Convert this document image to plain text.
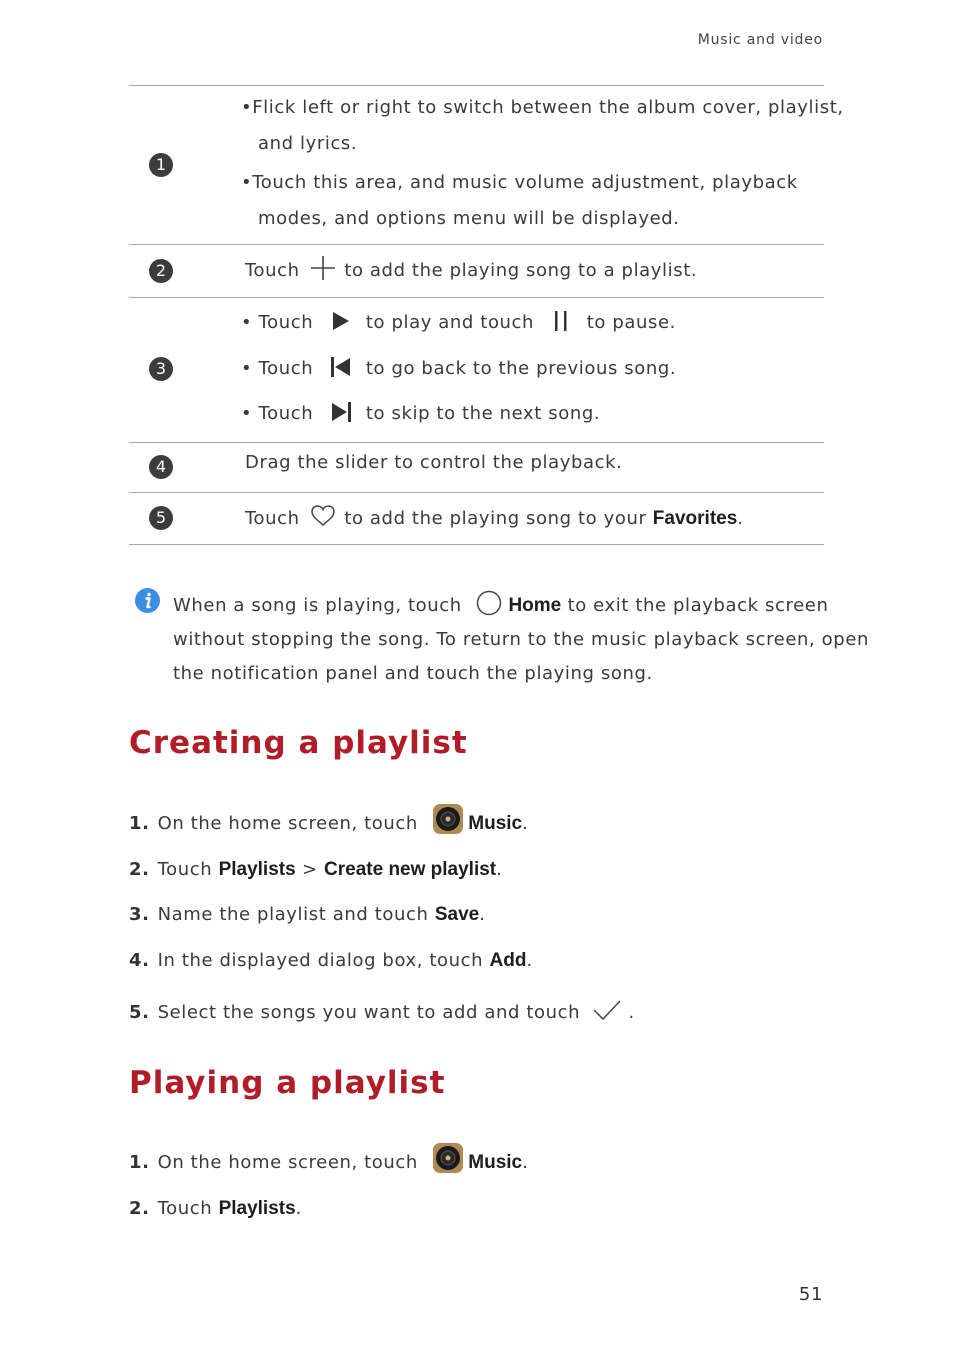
Music and video
1
• Flick left or right to switch between the album cover, playlist,
and lyrics.
• Touch this area, and music volume adjustment, playback
modes, and options menu will be displayed.
2	Touch to add the playing song to a playlist.
3
• Touch	to play and touch	to pause.
• Touch	to go back to the previous song.
• Touch	to skip to the next song.
4	Drag the slider to control the playback.
5	Touch to add the playing song to your Favorites.
When a song is playing, touch Home to exit the playback screen
without stopping the song. To return to the music playback screen, open
the notification panel and touch the playing song.
Creating a playlist
1. On the home screen, touch	Music.
2. Touch Playlists > Create new playlist.
3. Name the playlist and touch Save.
4. In the displayed dialog box, touch Add.
5. Select the songs you want to add and touch	.
Playing a playlist
1. On the home screen, touch	Music.
2. Touch Playlists.
51
